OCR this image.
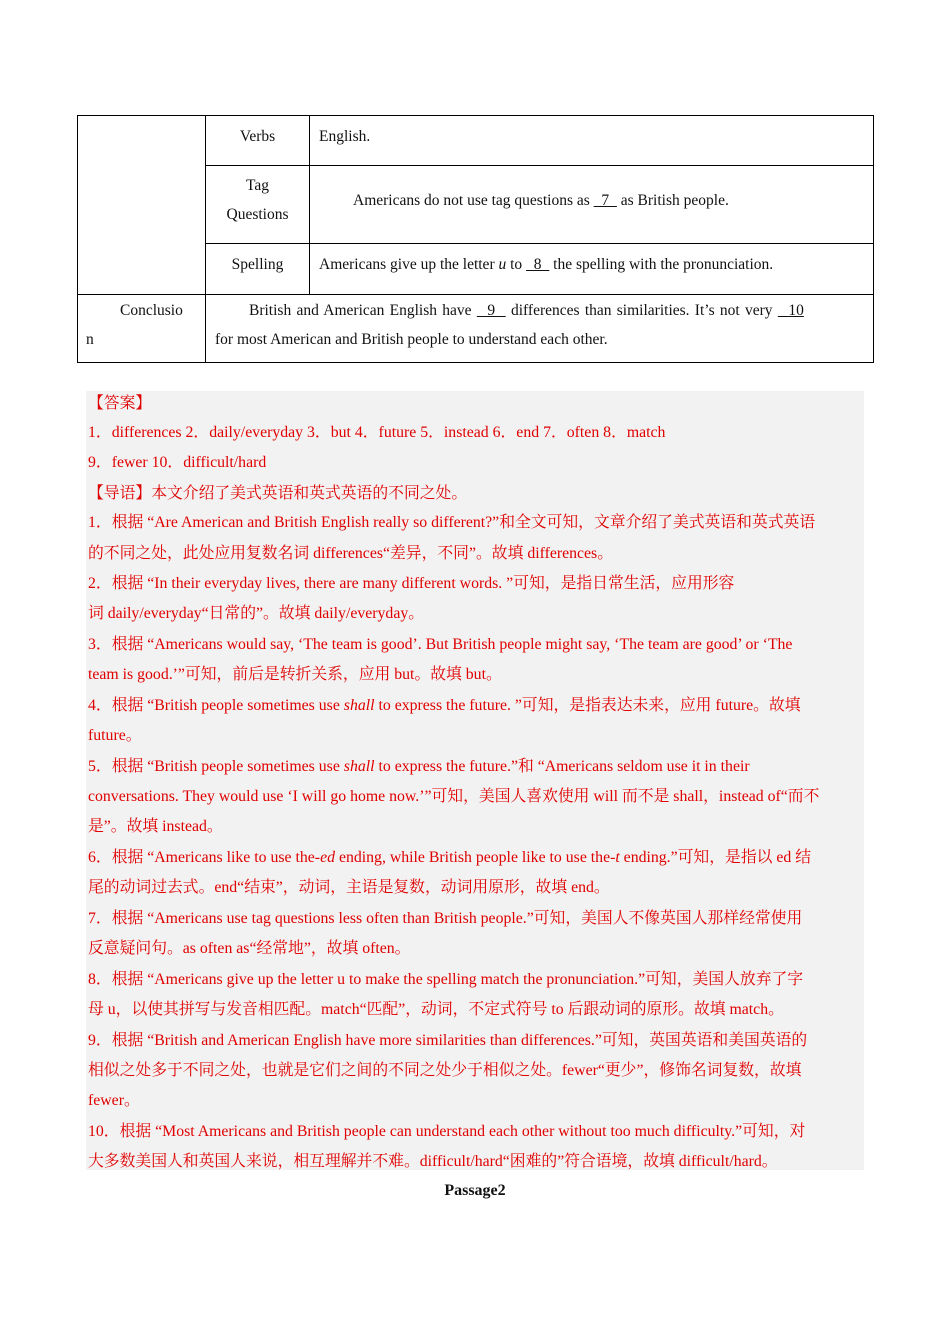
Verbs	English.
Tag
Questions
Americans do not use tag questions as   7   as British people.
Spelling	Americans give up the letter u to   8   the spelling with the pronunciation.
Conclusio
n
British and American English have   9   differences than similarities. It’s not very   10
for most American and British people to understand each other.
【答案】
1．differences 2．daily/everyday 3．but 4．future 5．instead 6．end 7．often 8．match
9．fewer 10．difficult/hard
【导语】本文介绍了美式英语和英式英语的不同之处。
1．根据 “Are American and British English really so different?”和全文可知，文章介绍了美式英语和英式英语
的不同之处，此处应用复数名词 differences“差异，不同”。故填 differences。
2．根据 “In their everyday lives, there are many different words. ”可知，是指日常生活，应用形容
词 daily/everyday“日常的”。故填 daily/everyday。
3．根据 “Americans would say, ‘The team is good’. But British people might say, ‘The team are good’ or ‘The
team is good.’”可知，前后是转折关系，应用 but。故填 but。
4．根据 “British people sometimes use shall to express the future. ”可知，是指表达未来，应用 future。故填
future。
5．根据 “British people sometimes use shall to express the future.”和 “Americans seldom use it in their
conversations. They would use ‘I will go home now.’”可知，美国人喜欢使用 will 而不是 shall，instead of“而不
是”。故填 instead。
6．根据 “Americans like to use the-ed ending, while British people like to use the-t ending.”可知，是指以 ed 结
尾的动词过去式。end“结束”，动词，主语是复数，动词用原形，故填 end。
7．根据 “Americans use tag questions less often than British people.”可知，美国人不像英国人那样经常使用
反意疑问句。as often as“经常地”，故填 often。
8．根据 “Americans give up the letter u to make the spelling match the pronunciation.”可知，美国人放弃了字
母 u，以使其拼写与发音相匹配。match“匹配”，动词，不定式符号 to 后跟动词的原形。故填 match。
9．根据 “British and American English have more similarities than differences.”可知，英国英语和美国英语的
相似之处多于不同之处，也就是它们之间的不同之处少于相似之处。fewer“更少”，修饰名词复数，故填
fewer。
10．根据 “Most Americans and British people can understand each other without too much difficulty.”可知，对
大多数美国人和英国人来说，相互理解并不难。difficult/hard“困难的”符合语境，故填 difficult/hard。
Passage2
